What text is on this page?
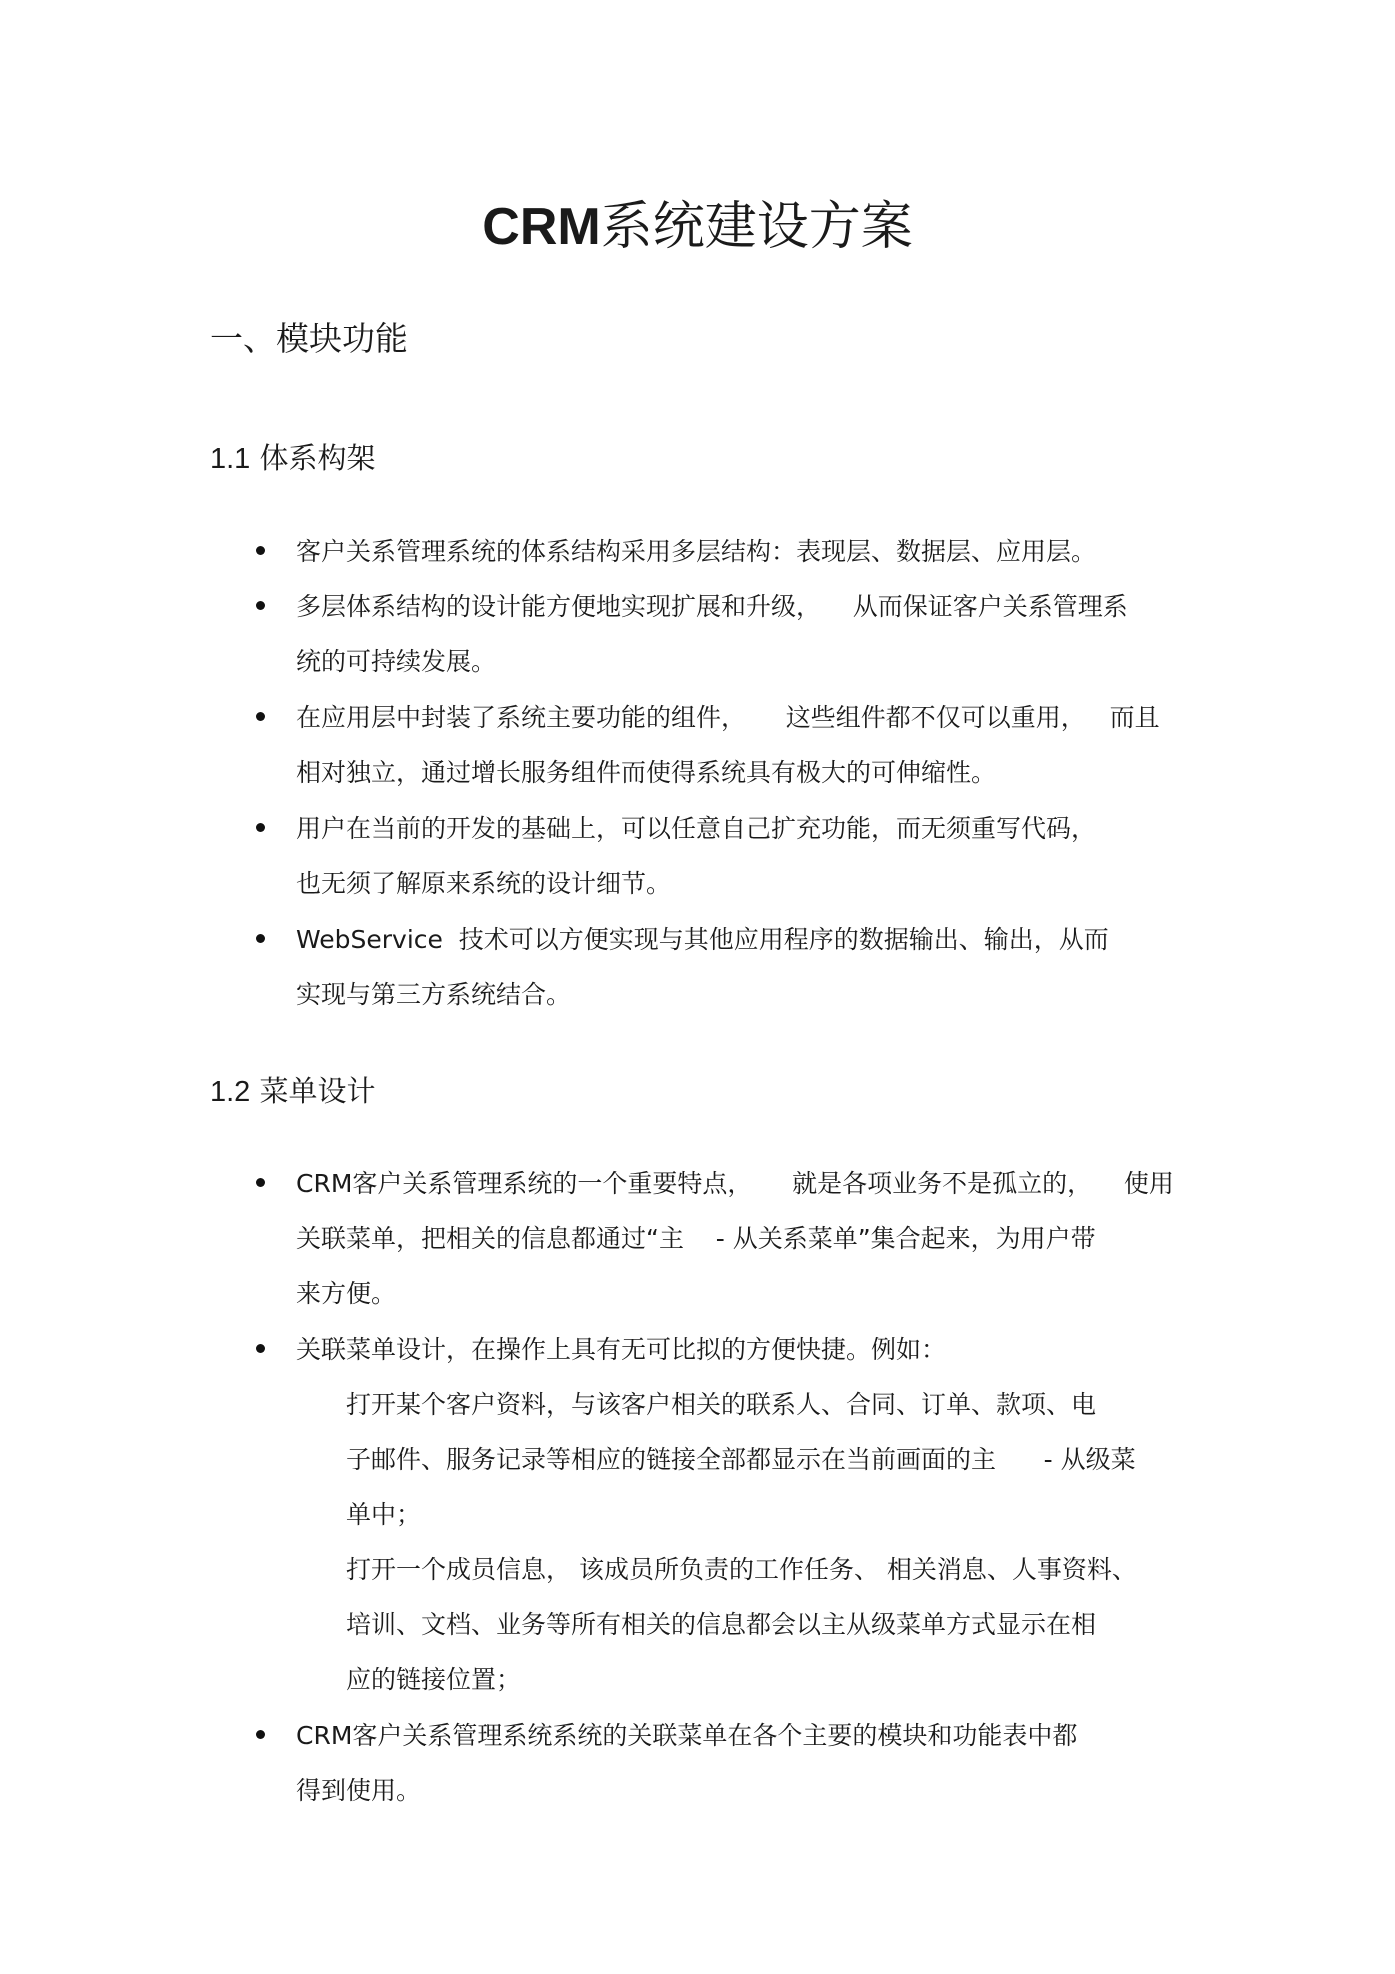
CRM系统建设方案
一、模块功能
1.1 体系构架
客户关系管理系统的体系结构采用多层结构：表现层、数据层、应用层。
多层体系结构的设计能方便地实现扩展和升级，    从而保证客户关系管理系
统的可持续发展。
在应用层中封装了系统主要功能的组件，     这些组件都不仅可以重用，   而且
相对独立，通过增长服务组件而使得系统具有极大的可伸缩性。
用户在当前的开发的基础上，可以任意自己扩充功能，而无须重写代码，
也无须了解原来系统的设计细节。
WebService  技术可以方便实现与其他应用程序的数据输出、输出，从而
实现与第三方系统结合。
1.2 菜单设计
CRM客户关系管理系统的一个重要特点，     就是各项业务不是孤立的，    使用
关联菜单，把相关的信息都通过“主    - 从关系菜单”集合起来，为用户带
来方便。
关联菜单设计，在操作上具有无可比拟的方便快捷。例如：
打开某个客户资料，与该客户相关的联系人、合同、订单、款项、电
子邮件、服务记录等相应的链接全部都显示在当前画面的主      - 从级菜
单中；
打开一个成员信息， 该成员所负责的工作任务、 相关消息、人事资料、
培训、文档、业务等所有相关的信息都会以主从级菜单方式显示在相
应的链接位置；
CRM客户关系管理系统系统的关联菜单在各个主要的模块和功能表中都
得到使用。
